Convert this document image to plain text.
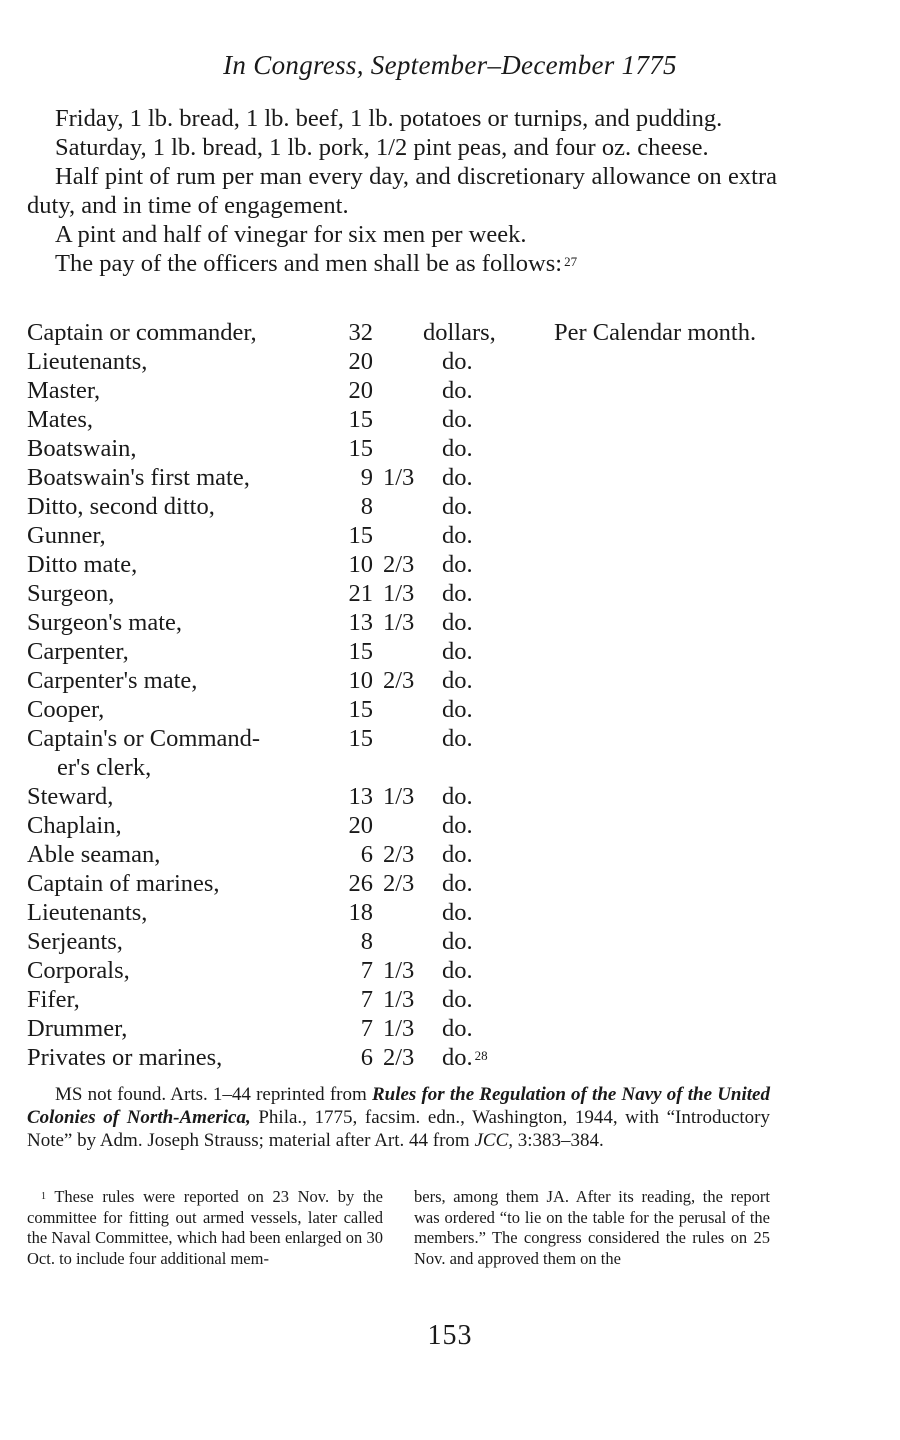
In Congress, September–December 1775

Friday, 1 lb. bread, 1 lb. beef, 1 lb. potatoes or turnips, and pudding.

Saturday, 1 lb. bread, 1 lb. pork, 1/2 pint peas, and four oz. cheese.

Half pint of rum per man every day, and discretionary allowance on extra duty, and in time of engagement.

A pint and half of vinegar for six men per week.

The pay of the officers and men shall be as follows: $^{27}$

Captain or commander,	32 dollars, Per Calendar month.
Lieutenants,	20	do.
Master,	20	do.
Mates,	15	do.
Boatswain,	15	do.
Boatswain's first mate,	9 1/3	do.
Ditto, second ditto,	8	do.
Gunner,	15	do.
Ditto mate,	10 2/3	do.
Surgeon,	21 1/3	do.
Surgeon's mate,	13 1/3	do.
Carpenter,	15	do.
Carpenter's mate,	10 2/3	do.
Cooper,	15	do.
Captain's or Command-
er's clerk,
15	do.
Steward,	13 1/3	do.
Chaplain,	20	do.
Able seaman,	6 2/3	do.
Captain of marines,	26 2/3	do.
Lieutenants,	18	do.
Serjeants,	8	do.
Corporals,	7 1/3	do.
Fifer,	7 1/3	do.
Drummer,	7 1/3	do.
Privates or marines,	6 2/3	do. $^{28}$
MS not found. Arts. 1–44 reprinted from Rules for the Regulation of the Navy of the United Colonies of North-America, Phila., 1775, facsim. edn., Washington, 1944, with “Introductory Note” by Adm. Joseph Strauss; material after Art. 44 from JCC, 3:383–384.

$^1$ These rules were reported on 23 Nov. by the committee for fitting out armed vessels, later called the Naval Committee, which had been enlarged on 30 Oct. to include four additional mem-

bers, among them JA. After its reading, the report was ordered “to lie on the table for the perusal of the members.” The congress considered the rules on 25 Nov. and approved them on the

153
